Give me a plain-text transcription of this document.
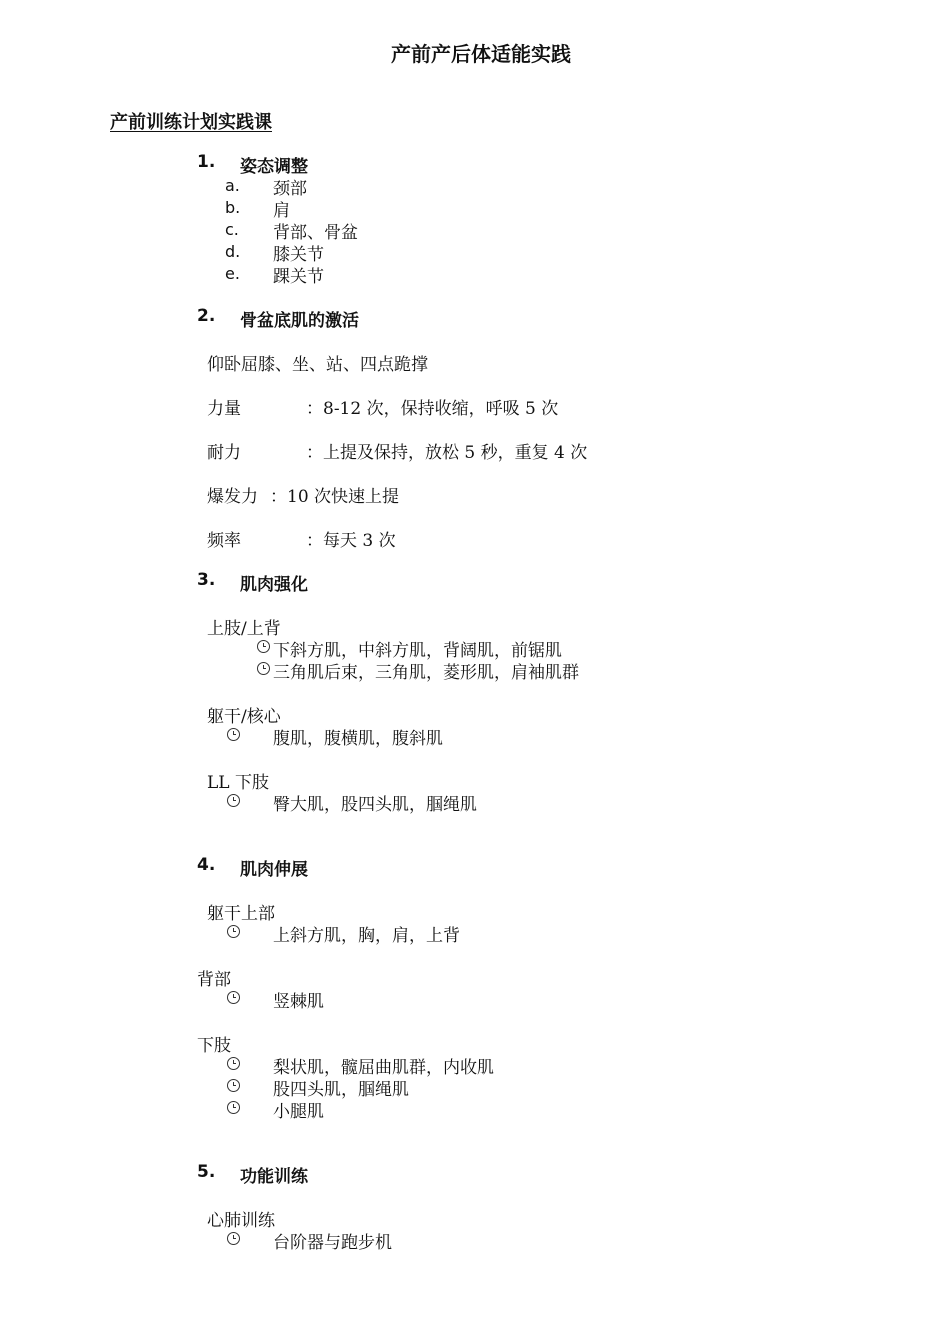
产前产后体适能实践
产前训练计划实践课
1. 姿态调整
a. 颈部
b. 肩
c. 背部、骨盆
d. 膝关节
e. 踝关节
2. 骨盆底肌的激活
仰卧屈膝、坐、站、四点跪撑
力量	：8-12 次，保持收缩，呼吸 5 次
耐力	：上提及保持，放松 5 秒，重复 4 次
爆发力 ：10 次快速上提
频率	：每天 3 次
3. 肌肉强化
上肢/上背
下斜方肌，中斜方肌，背阔肌，前锯肌
三角肌后束，三角肌，菱形肌，肩袖肌群
躯干/核心
腹肌，腹横肌，腹斜肌
LL 下肢
臀大肌，股四头肌，腘绳肌
4. 肌肉伸展
躯干上部
上斜方肌，胸，肩，上背
背部
竖棘肌
下肢
梨状肌，髋屈曲肌群，内收肌
股四头肌，腘绳肌
小腿肌
5. 功能训练
心肺训练
台阶器与跑步机
